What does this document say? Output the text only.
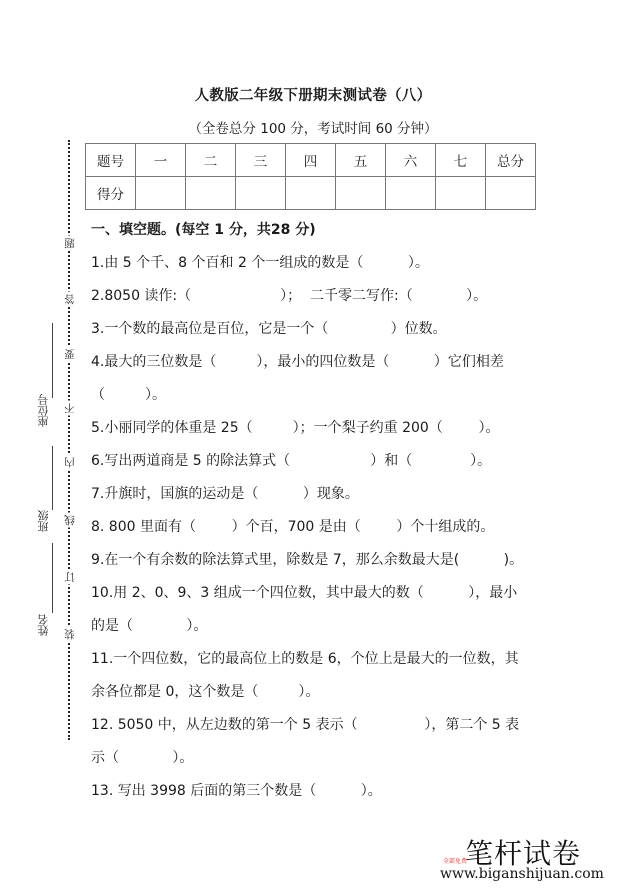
人教版二年级下册期末测试卷（八）
（全卷总分 100 分，考试时间 60 分钟）
题号	一	二	三	四	五	六	七	总分
得分								
题
答
要
不
内
线
订
装
座位号
班级
姓名
一、填空题。(每空 1 分，共28 分)
1.由 5 个千、8 个百和 2 个一组成的数是（          ）。
2.8050 读作:（                    ）；  二千零二写作:（            ）。
3.一个数的最高位是百位，它是一个（              ）位数。
4.最大的三位数是（         ），最小的四位数是（          ）它们相差
（         ）。
5.小丽同学的体重是 25（         ）；一个梨子约重 200（        ）。
6.写出两道商是 5 的除法算式（                  ）和（             ）。
7.升旗时，国旗的运动是（          ）现象。
8. 800 里面有（        ）个百，700 是由（        ）个十组成的。
9.在一个有余数的除法算式里，除数是 7，那么余数最大是(          )。
10.用 2、0、9、3 组成一个四位数，其中最大的数（          ），最小
的是（            ）。
11.一个四位数，它的最高位上的数是 6，个位上是最大的一位数，其
余各位都是 0，这个数是（         ）。
12. 5050 中，从左边数的第一个 5 表示（               ），第二个 5 表
示（            ）。
13. 写出 3998 后面的第三个数是（          ）。
笔杆试卷
全部免费
www.biganshijuan.com
